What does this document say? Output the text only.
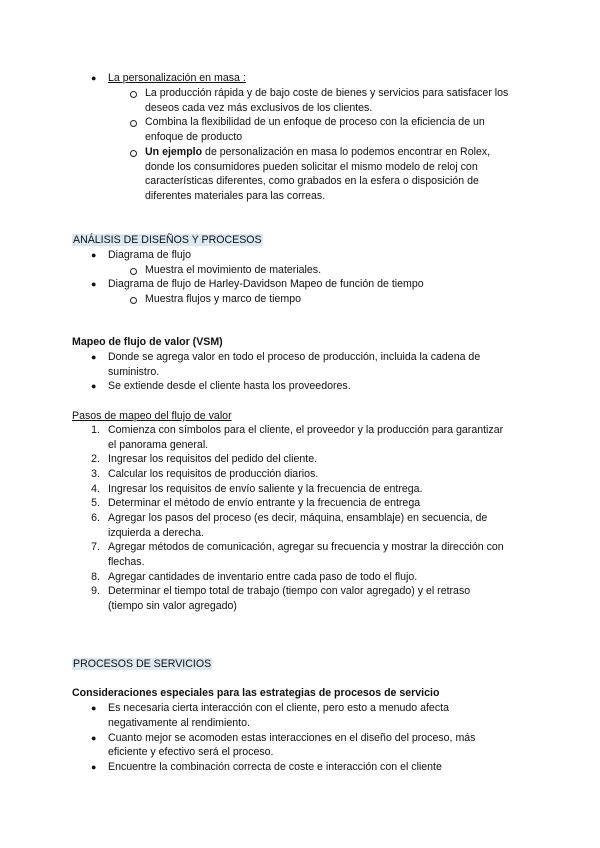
● La personalización en masa :
La producción rápida y de bajo coste de bienes y servicios para satisfacer los
deseos cada vez más exclusivos de los clientes.
Combina la flexibilidad de un enfoque de proceso con la eficiencia de un
enfoque de producto
Un ejemplo de personalización en masa lo podemos encontrar en Rolex,
donde los consumidores pueden solicitar el mismo modelo de reloj con
características diferentes, como grabados en la esfera o disposición de
diferentes materiales para las correas.
ANÁLISIS DE DISEÑOS Y PROCESOS
● Diagrama de flujo
Muestra el movimiento de materiales.
● Diagrama de flujo de Harley-Davidson Mapeo de función de tiempo
Muestra flujos y marco de tiempo
Mapeo de flujo de valor (VSM)
● Donde se agrega valor en todo el proceso de producción, incluida la cadena de
suministro.
● Se extiende desde el cliente hasta los proveedores.
Pasos de mapeo del flujo de valor
1. Comienza con símbolos para el cliente, el proveedor y la producción para garantizar
el panorama general.
2. Ingresar los requisitos del pedido del cliente.
3. Calcular los requisitos de producción diarios.
4. Ingresar los requisitos de envío saliente y la frecuencia de entrega.
5. Determinar el método de envío entrante y la frecuencia de entrega
6. Agregar los pasos del proceso (es decir, máquina, ensamblaje) en secuencia, de
izquierda a derecha.
7. Agregar métodos de comunicación, agregar su frecuencia y mostrar la dirección con
flechas.
8. Agregar cantidades de inventario entre cada paso de todo el flujo.
9. Determinar el tiempo total de trabajo (tiempo con valor agregado) y el retraso
(tiempo sin valor agregado)
PROCESOS DE SERVICIOS
Consideraciones especiales para las estrategias de procesos de servicio
● Es necesaria cierta interacción con el cliente, pero esto a menudo afecta
negativamente al rendimiento.
● Cuanto mejor se acomoden estas interacciones en el diseño del proceso, más
eficiente y efectivo será el proceso.
● Encuentre la combinación correcta de coste e interacción con el cliente
